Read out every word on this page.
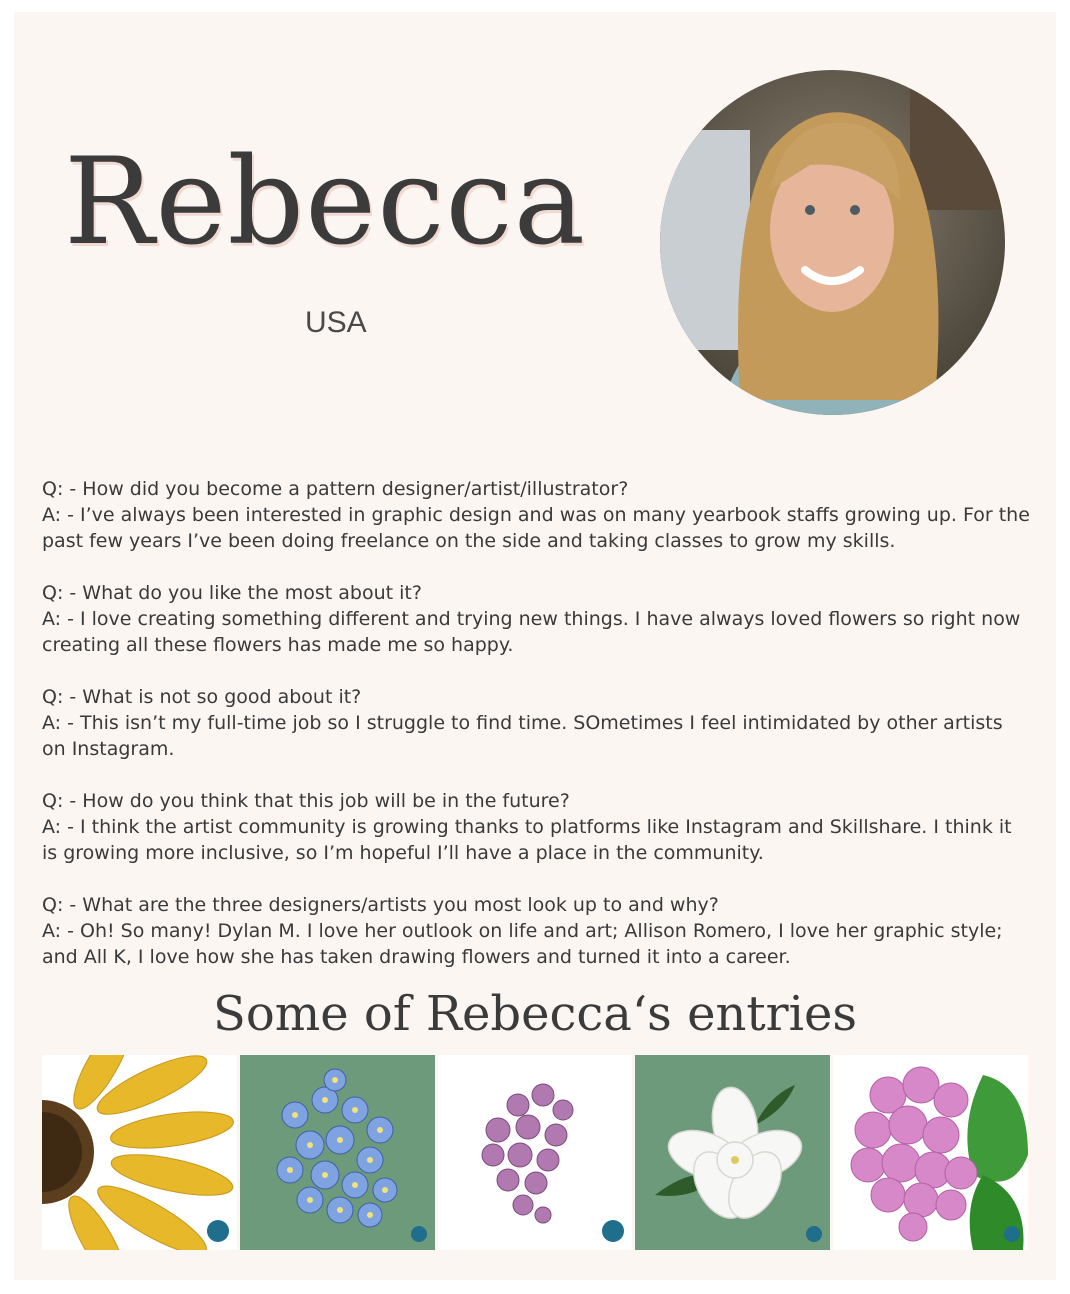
Rebecca
USA

Q: - How did you become a pattern designer/artist/illustrator?

A: - I’ve always been interested in graphic design and was on many yearbook staffs growing up. For the past few years I’ve been doing freelance on the side and taking classes to grow my skills.

Q: - What do you like the most about it?

A: - I love creating something different and trying new things. I have always loved flowers so right now creating all these flowers has made me so happy.

Q: - What is not so good about it?

A: - This isn’t my full-time job so I struggle to find time. SOmetimes I feel intimidated by other artists on Instagram.

Q: - How do you think that this job will be in the future?

A: - I think the artist community is growing thanks to platforms like Instagram and Skillshare. I think it is growing more inclusive, so I’m hopeful I’ll have a place in the community.

Q: - What are the three designers/artists you most look up to and why?

A: - Oh! So many! Dylan M. I love her outlook on life and art; Allison Romero, I love her graphic style; and All K, I love how she has taken drawing flowers and turned it into a career.

Some of Rebecca‘s entries
